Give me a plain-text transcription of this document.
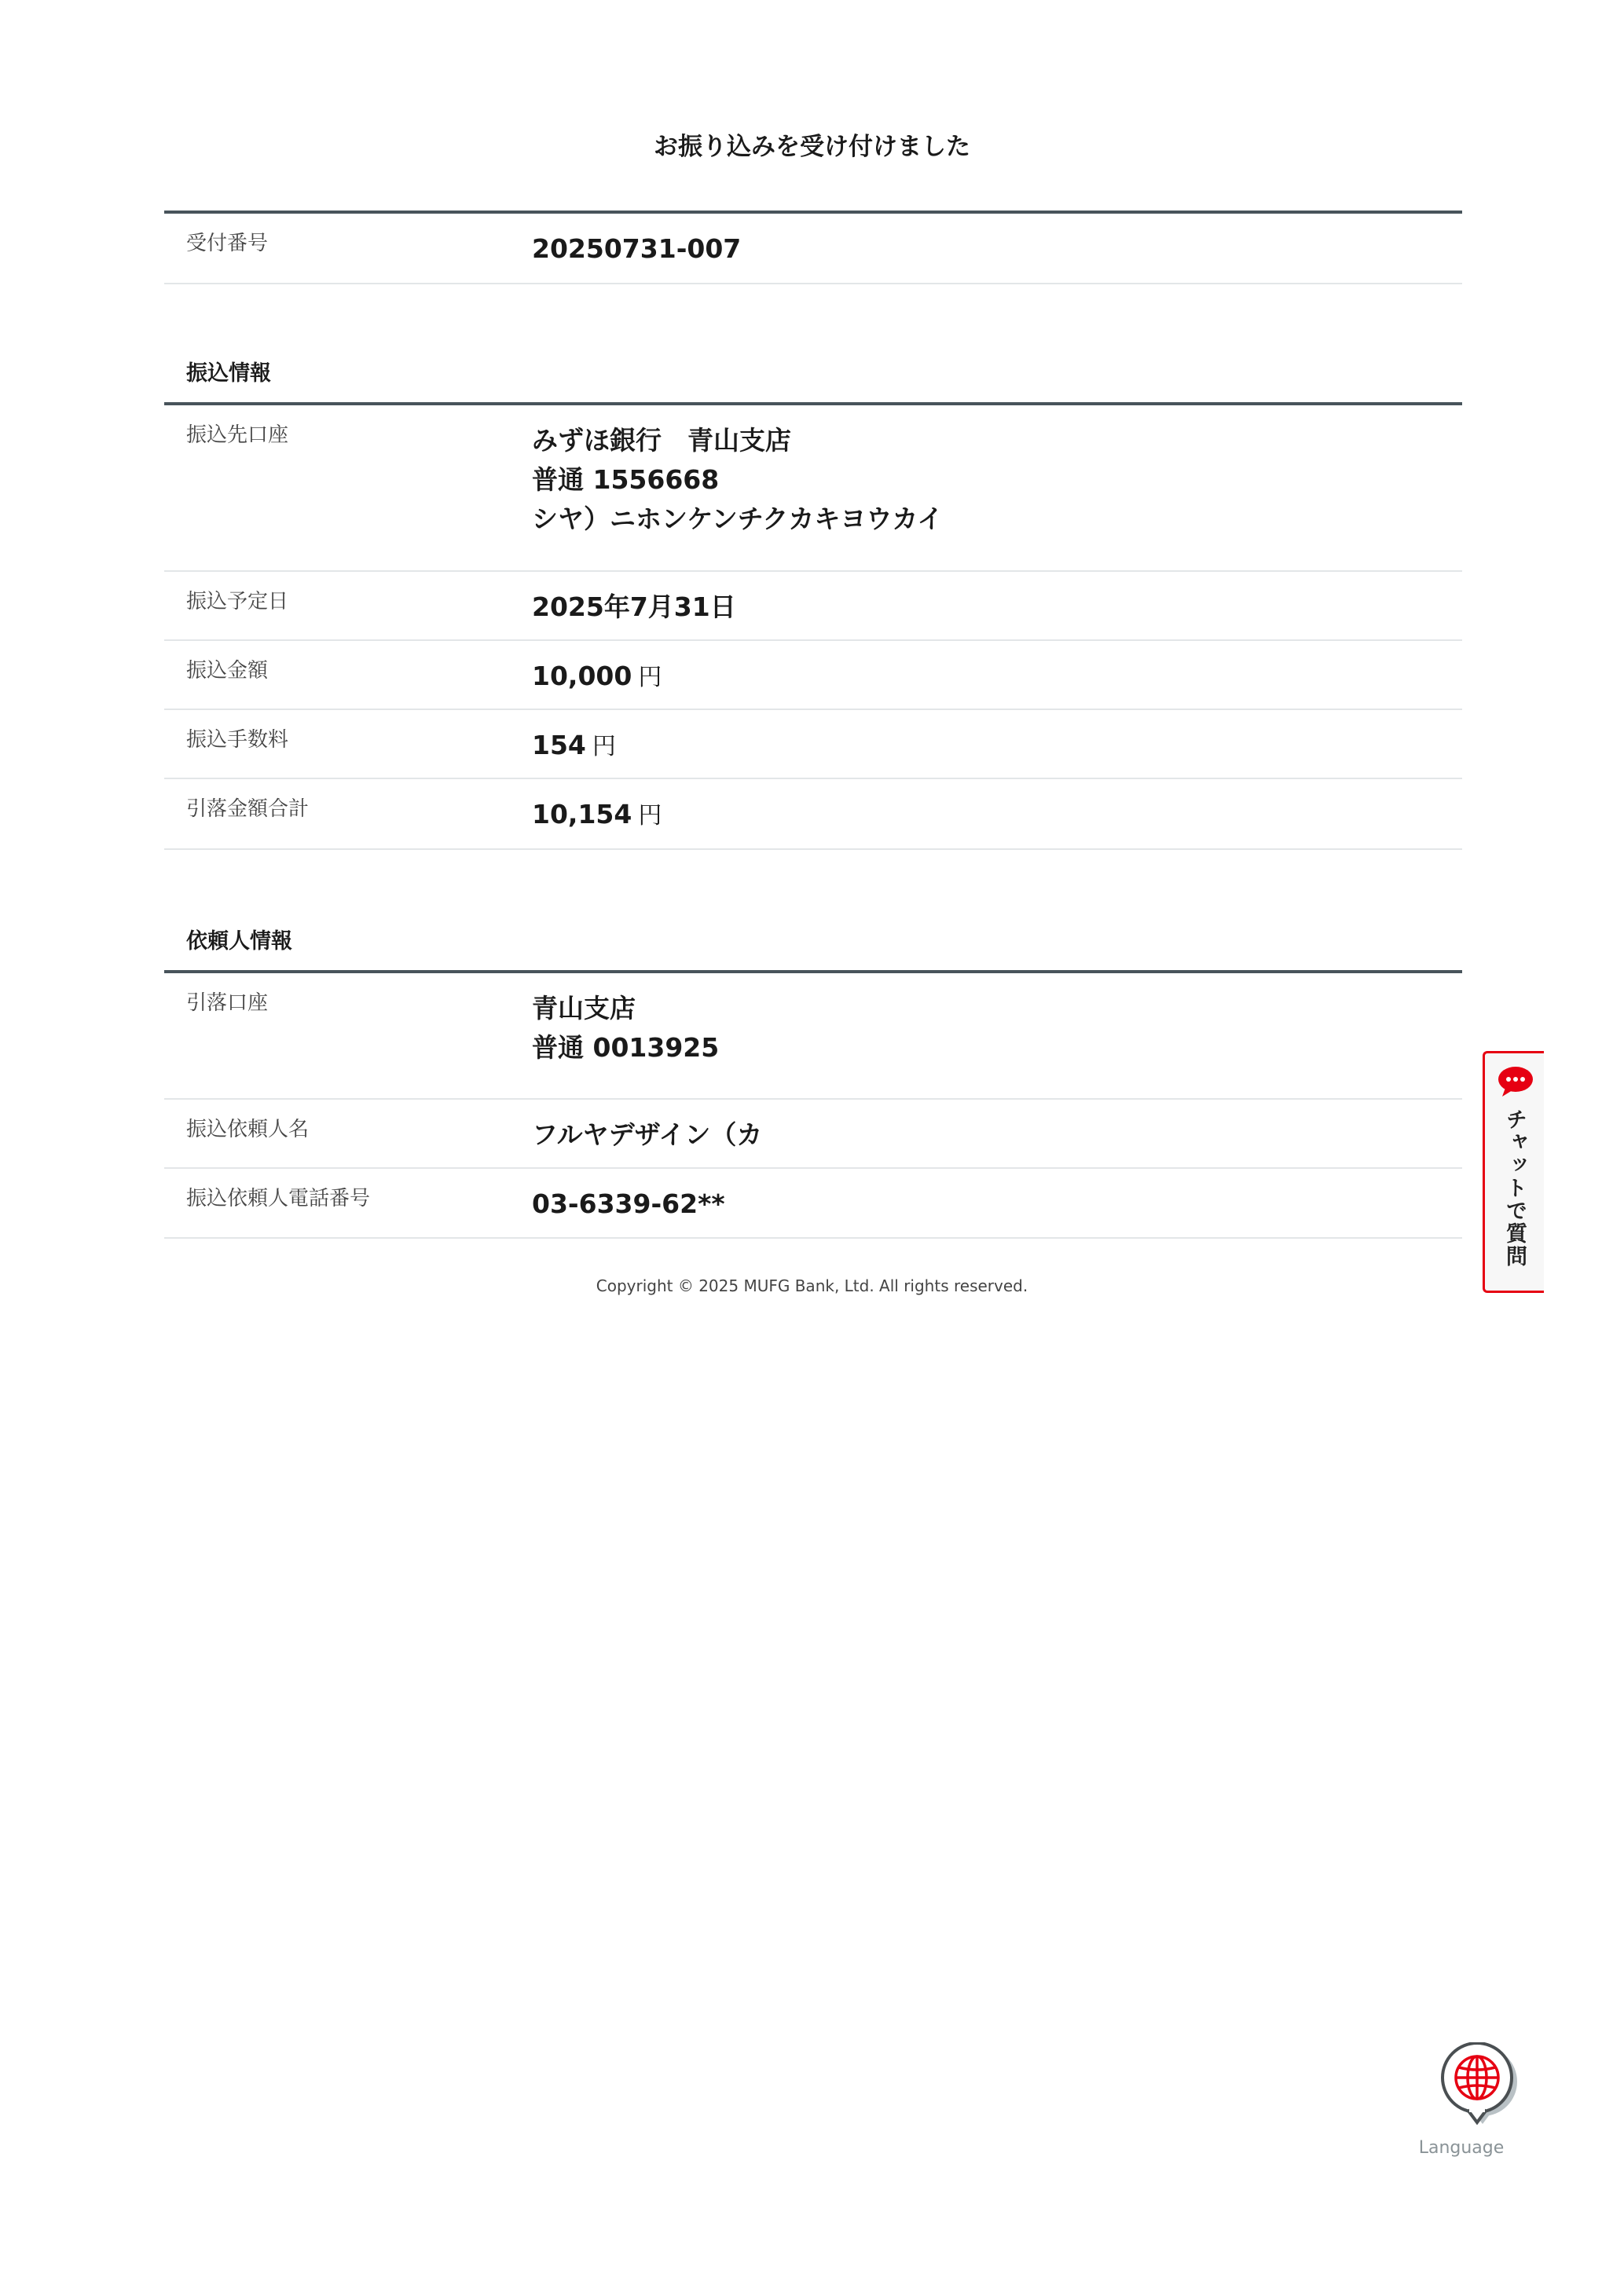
お振り込みを受け付けました
受付番号	20250731-007
振込情報
振込先口座	みずほ銀行　青山支店
普通 1556668
シヤ）ニホンケンチクカキヨウカイ
振込予定日	2025年7月31日
振込金額	10,000 円
振込手数料	154 円
引落金額合計	10,154 円
依頼人情報
引落口座	青山支店
普通 0013925
振込依頼人名	フルヤデザイン（カ
振込依頼人電話番号	03-6339-62**
Copyright © 2025 MUFG Bank, Ltd. All rights reserved.
チャットで質問
Language
